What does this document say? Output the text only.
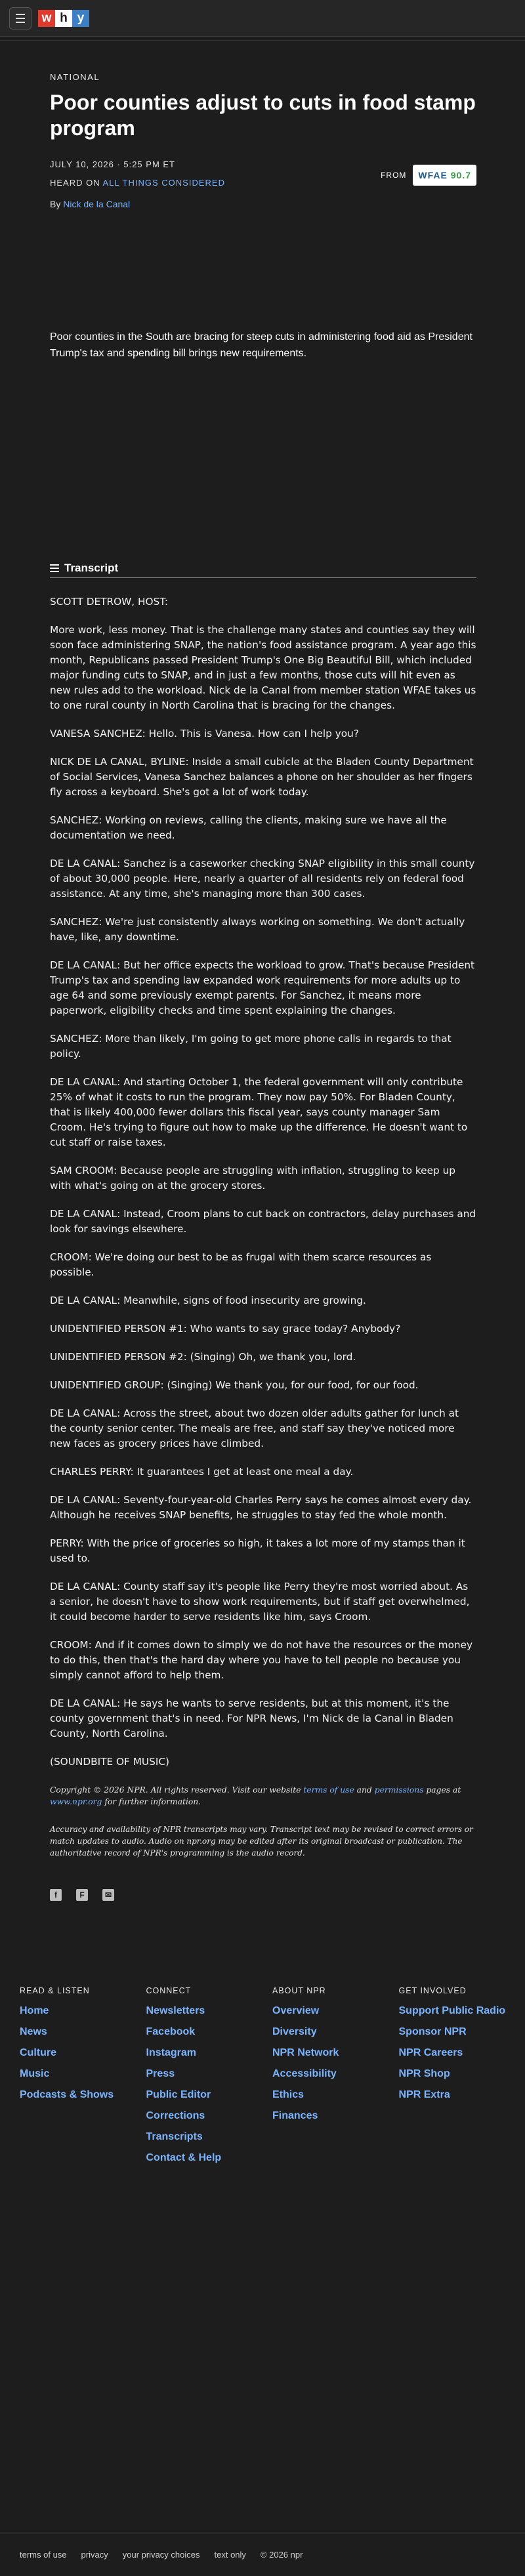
w h y
NATIONAL
Poor counties adjust to cuts in food stamp program
JULY 10, 2026 · 5:25 PM ET
HEARD ON ALL THINGS CONSIDERED
By Nick de la Canal
FROM	WFAE 90.7

Poor counties in the South are bracing for steep cuts in administering food aid as President Trump's tax and spending bill brings new requirements.

Transcript

SCOTT DETROW, HOST:

More work, less money. That is the challenge many states and counties say they will soon face administering SNAP, the nation's food assistance program. A year ago this month, Republicans passed President Trump's One Big Beautiful Bill, which included major funding cuts to SNAP, and in just a few months, those cuts will hit even as new rules add to the workload. Nick de la Canal from member station WFAE takes us to one rural county in North Carolina that is bracing for the changes.

VANESA SANCHEZ: Hello. This is Vanesa. How can I help you?

NICK DE LA CANAL, BYLINE: Inside a small cubicle at the Bladen County Department of Social Services, Vanesa Sanchez balances a phone on her shoulder as her fingers fly across a keyboard. She's got a lot of work today.

SANCHEZ: Working on reviews, calling the clients, making sure we have all the documentation we need.

DE LA CANAL: Sanchez is a caseworker checking SNAP eligibility in this small county of about 30,000 people. Here, nearly a quarter of all residents rely on federal food assistance. At any time, she's managing more than 300 cases.

SANCHEZ: We're just consistently always working on something. We don't actually have, like, any downtime.

DE LA CANAL: But her office expects the workload to grow. That's because President Trump's tax and spending law expanded work requirements for more adults up to age 64 and some previously exempt parents. For Sanchez, it means more paperwork, eligibility checks and time spent explaining the changes.

SANCHEZ: More than likely, I'm going to get more phone calls in regards to that policy.

DE LA CANAL: And starting October 1, the federal government will only contribute 25% of what it costs to run the program. They now pay 50%. For Bladen County, that is likely 400,000 fewer dollars this fiscal year, says county manager Sam Croom. He's trying to figure out how to make up the difference. He doesn't want to cut staff or raise taxes.

SAM CROOM: Because people are struggling with inflation, struggling to keep up with what's going on at the grocery stores.

DE LA CANAL: Instead, Croom plans to cut back on contractors, delay purchases and look for savings elsewhere.

CROOM: We're doing our best to be as frugal with them scarce resources as possible.

DE LA CANAL: Meanwhile, signs of food insecurity are growing.

UNIDENTIFIED PERSON #1: Who wants to say grace today? Anybody?

UNIDENTIFIED PERSON #2: (Singing) Oh, we thank you, lord.

UNIDENTIFIED GROUP: (Singing) We thank you, for our food, for our food.

DE LA CANAL: Across the street, about two dozen older adults gather for lunch at the county senior center. The meals are free, and staff say they've noticed more new faces as grocery prices have climbed.

CHARLES PERRY: It guarantees I get at least one meal a day.

DE LA CANAL: Seventy-four-year-old Charles Perry says he comes almost every day. Although he receives SNAP benefits, he struggles to stay fed the whole month.

PERRY: With the price of groceries so high, it takes a lot more of my stamps than it used to.

DE LA CANAL: County staff say it's people like Perry they're most worried about. As a senior, he doesn't have to show work requirements, but if staff get overwhelmed, it could become harder to serve residents like him, says Croom.

CROOM: And if it comes down to simply we do not have the resources or the money to do this, then that's the hard day where you have to tell people no because you simply cannot afford to help them.

DE LA CANAL: He says he wants to serve residents, but at this moment, it's the county government that's in need. For NPR News, I'm Nick de la Canal in Bladen County, North Carolina.

(SOUNDBITE OF MUSIC)

Copyright © 2026 NPR. All rights reserved. Visit our website terms of use and permissions pages at www.npr.org for further information.

Accuracy and availability of NPR transcripts may vary. Transcript text may be revised to correct errors or match updates to audio. Audio on npr.org may be edited after its original broadcast or publication. The authoritative record of NPR's programming is the audio record.

f	F	✉
READ & LISTEN
Home
News
Culture
Music
Podcasts & Shows
CONNECT
Newsletters
Facebook
Instagram
Press
Public Editor
Corrections
Transcripts
Contact & Help
ABOUT NPR
Overview
Diversity
NPR Network
Accessibility
Ethics
Finances
GET INVOLVED
Support Public Radio
Sponsor NPR
NPR Careers
NPR Shop
NPR Extra
terms of use privacy your privacy choices text only © 2026 npr
